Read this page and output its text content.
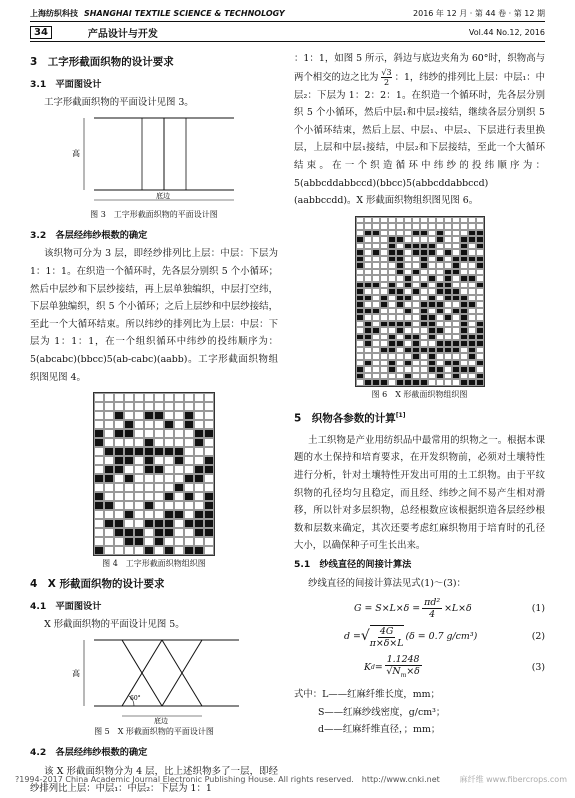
上海纺织科技 SHANGHAI TEXTILE SCIENCE & TECHNOLOGY	2016 年 12 月 · 第 44 卷 · 第 12 期
34	产品设计与开发	Vol.44 No.12, 2016
3　工字形截面织物的设计要求
3.1　平面图设计

工字形截面织物的平面设计见图 3。

高
底边
图 3　工字形截面织物的平面设计图
3.2　各层经纬纱根数的确定

该织物可分为 3 层，即经纱排列比上层：中层：下层为 1：1：1。在织造一个循环时，先各层分别织 5 个小循环；然后中层纱和下层纱接结，再上层单独编织，中层打空纬，下层单独编织，织 5 个小循环；之后上层纱和中层纱接结，至此一个大循环结束。所以纬纱的排列比为上层：中层：下层为 1：1：1，在一个组织循环中纬纱的投纬顺序为：5(abcabc)(bbcc)5(ab-cabc)(aabb)。工字形截面织物组织图见图 4。

图 4　工字形截面织物组织图
4　X 形截面织物的设计要求
4.1　平面图设计

X 形截面织物的平面设计见图 5。

高
60°
底边
图 5　X 形截面织物的平面设计图
4.2　各层经纬纱根数的确定

该 X 形截面织物分为 4 层，比上述织物多了一层，即经纱排列比上层：中层₁：中层₂：下层为 1：1

：1：1，如图 5 所示，斜边与底边夹角为 60°时，织物高与两个相交的边之比为 $\frac{√3}{2}$ ：1，纬纱的排列比上层：中层₁：中层₂：下层为 1：2：2：1。在织造一个循环时，先各层分别织 5 个小循环，然后中层₁和中层₂接结，继续各层分别织 5 个小循环结束，然后上层、中层₁、中层₂、下层进行表里换层，上层和中层₁接结，中层₂和下层接结，至此一个大循环结束。在一个织造循环中纬纱的投纬顺序为：5(abbcddabbccd)(bbcc)5(abbcddabbccd)(aabbccdd)。X 形截面织物组织图见图 6。

图 6　X 形截面织物组织图
5　织物各参数的计算[1]

土工织物是产业用纺织品中最常用的织物之一。根据本课题的水土保持和培育要求，在开发织物前，必须对土壤特性进行分析，针对土壤特性开发出可用的土工织物。由于平纹织物的孔径均匀且稳定，而且经、纬纱之间不易产生相对滑移，所以针对多层织物，总经根数应该根据织造各层经纱根数和层数来确定，其次还要考虑红麻织物用于培育时的孔径大小，以确保种子可生长出来。

5.1　纱线直径的间接计算法

纱线直径的间接计算法见式(1)～(3)：

$G = S\times L\times\delta = \frac{\text{πd²}}{4} \times L\times\delta$	(1)
d = √ 4G
π×δ×L
(δ = 0.7 g/cm³)	(2)
K $d = \frac{1.1248}{√N_m\times\delta}$	(3)

式中：L——红麻纤维长度，mm；

S——红麻纱线密度，g/cm³；

d——红麻纤维直径，；mm；

?1994-2017 China Academic Journal Electronic Publishing House. All rights reserved.　http://www.cnki.net 麻纤维 www.fibercrops.com
